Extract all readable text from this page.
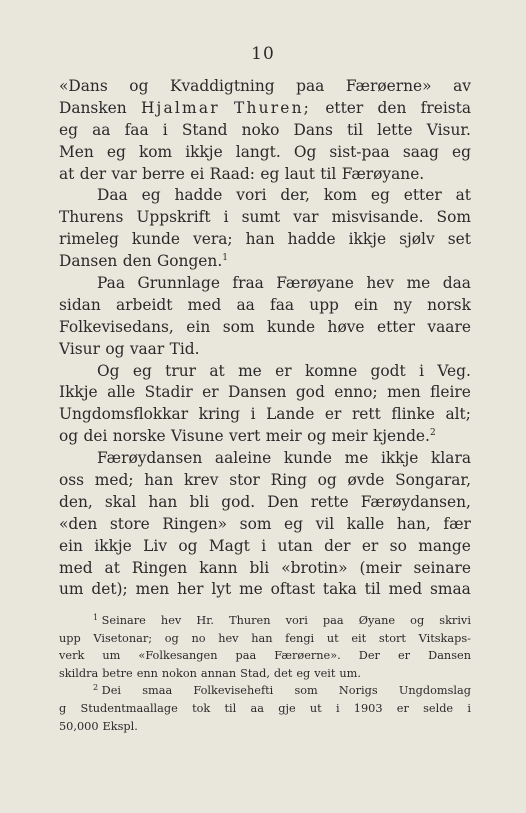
10
«Dans og Kvaddigtning paa Færøerne» av
Dansken Hjalmar Thuren; etter den freista
eg aa faa i Stand noko Dans til lette Visur.
Men eg kom ikkje langt. Og sist-paa saag eg
at der var berre ei Raad: eg laut til Færøyane.
Daa eg hadde vori der, kom eg etter at
Thurens Uppskrift i sumt var misvisande. Som
rimeleg kunde vera; han hadde ikkje sjølv set
Dansen den Gongen.$^1$
Paa Grunnlage fraa Færøyane hev me daa
sidan arbeidt med aa faa upp ein ny norsk
Folkevisedans, ein som kunde høve etter vaare
Visur og vaar Tid.
Og eg trur at me er komne godt i Veg.
Ikkje alle Stadir er Dansen god enno; men fleire
Ungdomsflokkar kring i Lande er rett flinke alt;
og dei norske Visune vert meir og meir kjende.$^2$
Færøydansen aaleine kunde me ikkje klara
oss med; han krev stor Ring og øvde Songarar,
den, skal han bli god. Den rette Færøydansen,
«den store Ringen» som eg vil kalle han, fær
ein ikkje Liv og Magt i utan der er so mange
med at Ringen kann bli «brotin» (meir seinare
um det); men her lyt me oftast taka til med smaa
$^1$ Seinare hev Hr. Thuren vori paa Øyane og skrivi
upp Visetonar; og no hev han fengi ut eit stort Vitskaps-
verk um «Folkesangen paa Færøerne». Der er Dansen
skildra betre enn nokon annan Stad, det eg veit um.
$^2$ Dei smaa Folkevisehefti som Norigs Ungdomslag
g Studentmaallage tok til aa gje ut i 1903 er selde i
50,000 Ekspl.
